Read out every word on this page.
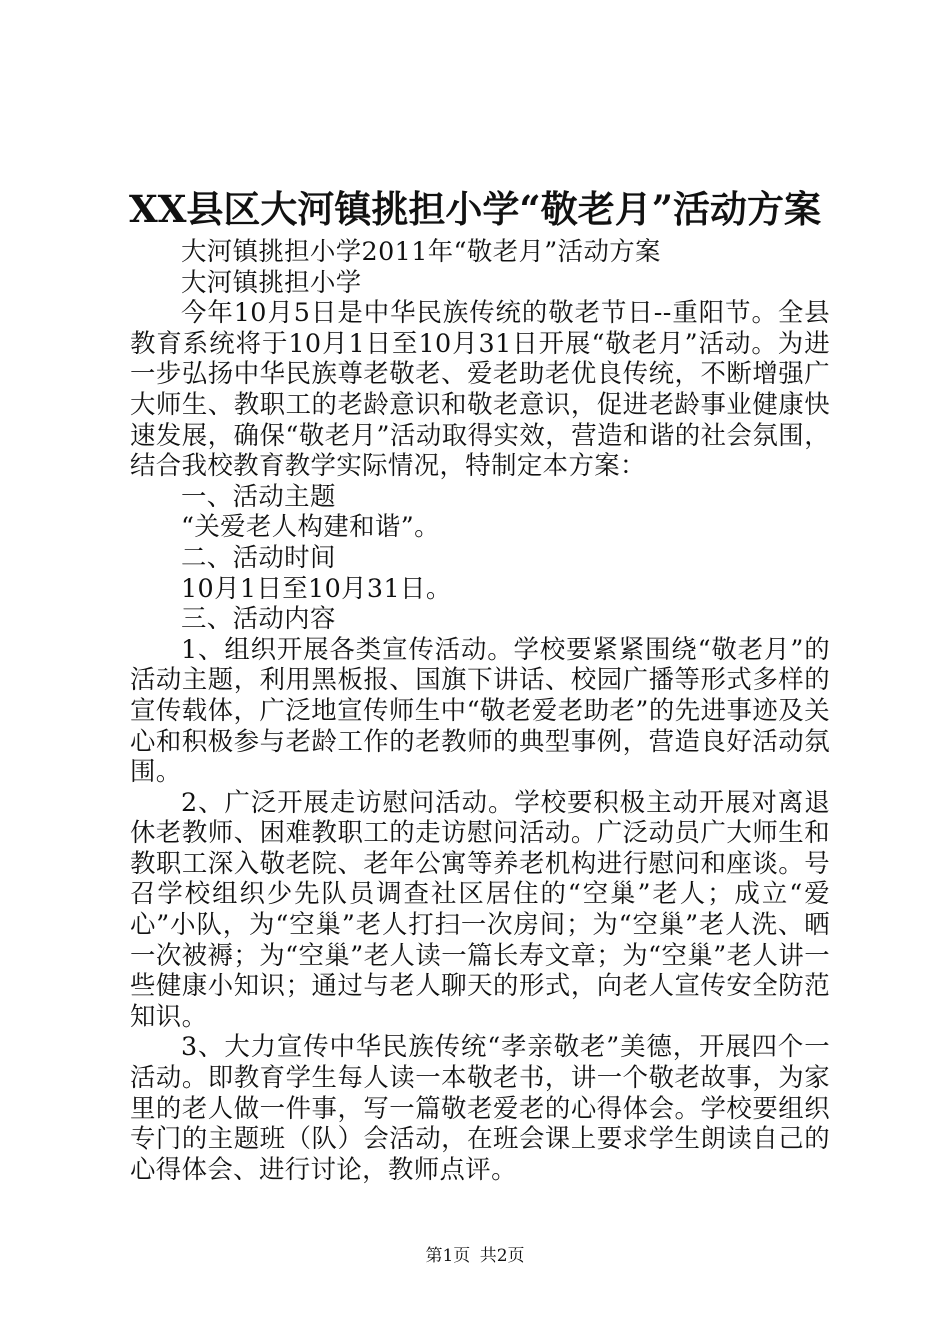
XX县区大河镇挑担小学“敬老月”活动方案

大河镇挑担小学2011年“敬老月”活动方案

大河镇挑担小学

今年10月5日是中华民族传统的敬老节日--重阳节。全县教育系统将于10月1日至10月31日开展“敬老月”活动。为进一步弘扬中华民族尊老敬老、爱老助老优良传统，不断增强广大师生、教职工的老龄意识和敬老意识，促进老龄事业健康快速发展，确保“敬老月”活动取得实效，营造和谐的社会氛围，结合我校教育教学实际情况，特制定本方案：

一、活动主题

“关爱老人构建和谐”。

二、活动时间

10月1日至10月31日。

三、活动内容

1、组织开展各类宣传活动。学校要紧紧围绕“敬老月”的活动主题，利用黑板报、国旗下讲话、校园广播等形式多样的宣传载体，广泛地宣传师生中“敬老爱老助老”的先进事迹及关心和积极参与老龄工作的老教师的典型事例，营造良好活动氛围。

2、广泛开展走访慰问活动。学校要积极主动开展对离退休老教师、困难教职工的走访慰问活动。广泛动员广大师生和教职工深入敬老院、老年公寓等养老机构进行慰问和座谈。号召学校组织少先队员调查社区居住的“空巢”老人；成立“爱心”小队，为“空巢”老人打扫一次房间；为“空巢”老人洗、晒一次被褥；为“空巢”老人读一篇长寿文章；为“空巢”老人讲一些健康小知识；通过与老人聊天的形式，向老人宣传安全防范知识。

3、大力宣传中华民族传统“孝亲敬老”美德，开展四个一活动。即教育学生每人读一本敬老书，讲一个敬老故事，为家里的老人做一件事，写一篇敬老爱老的心得体会。学校要组织专门的主题班（队）会活动，在班会课上要求学生朗读自己的心得体会、进行讨论，教师点评。

第1页 共2页
